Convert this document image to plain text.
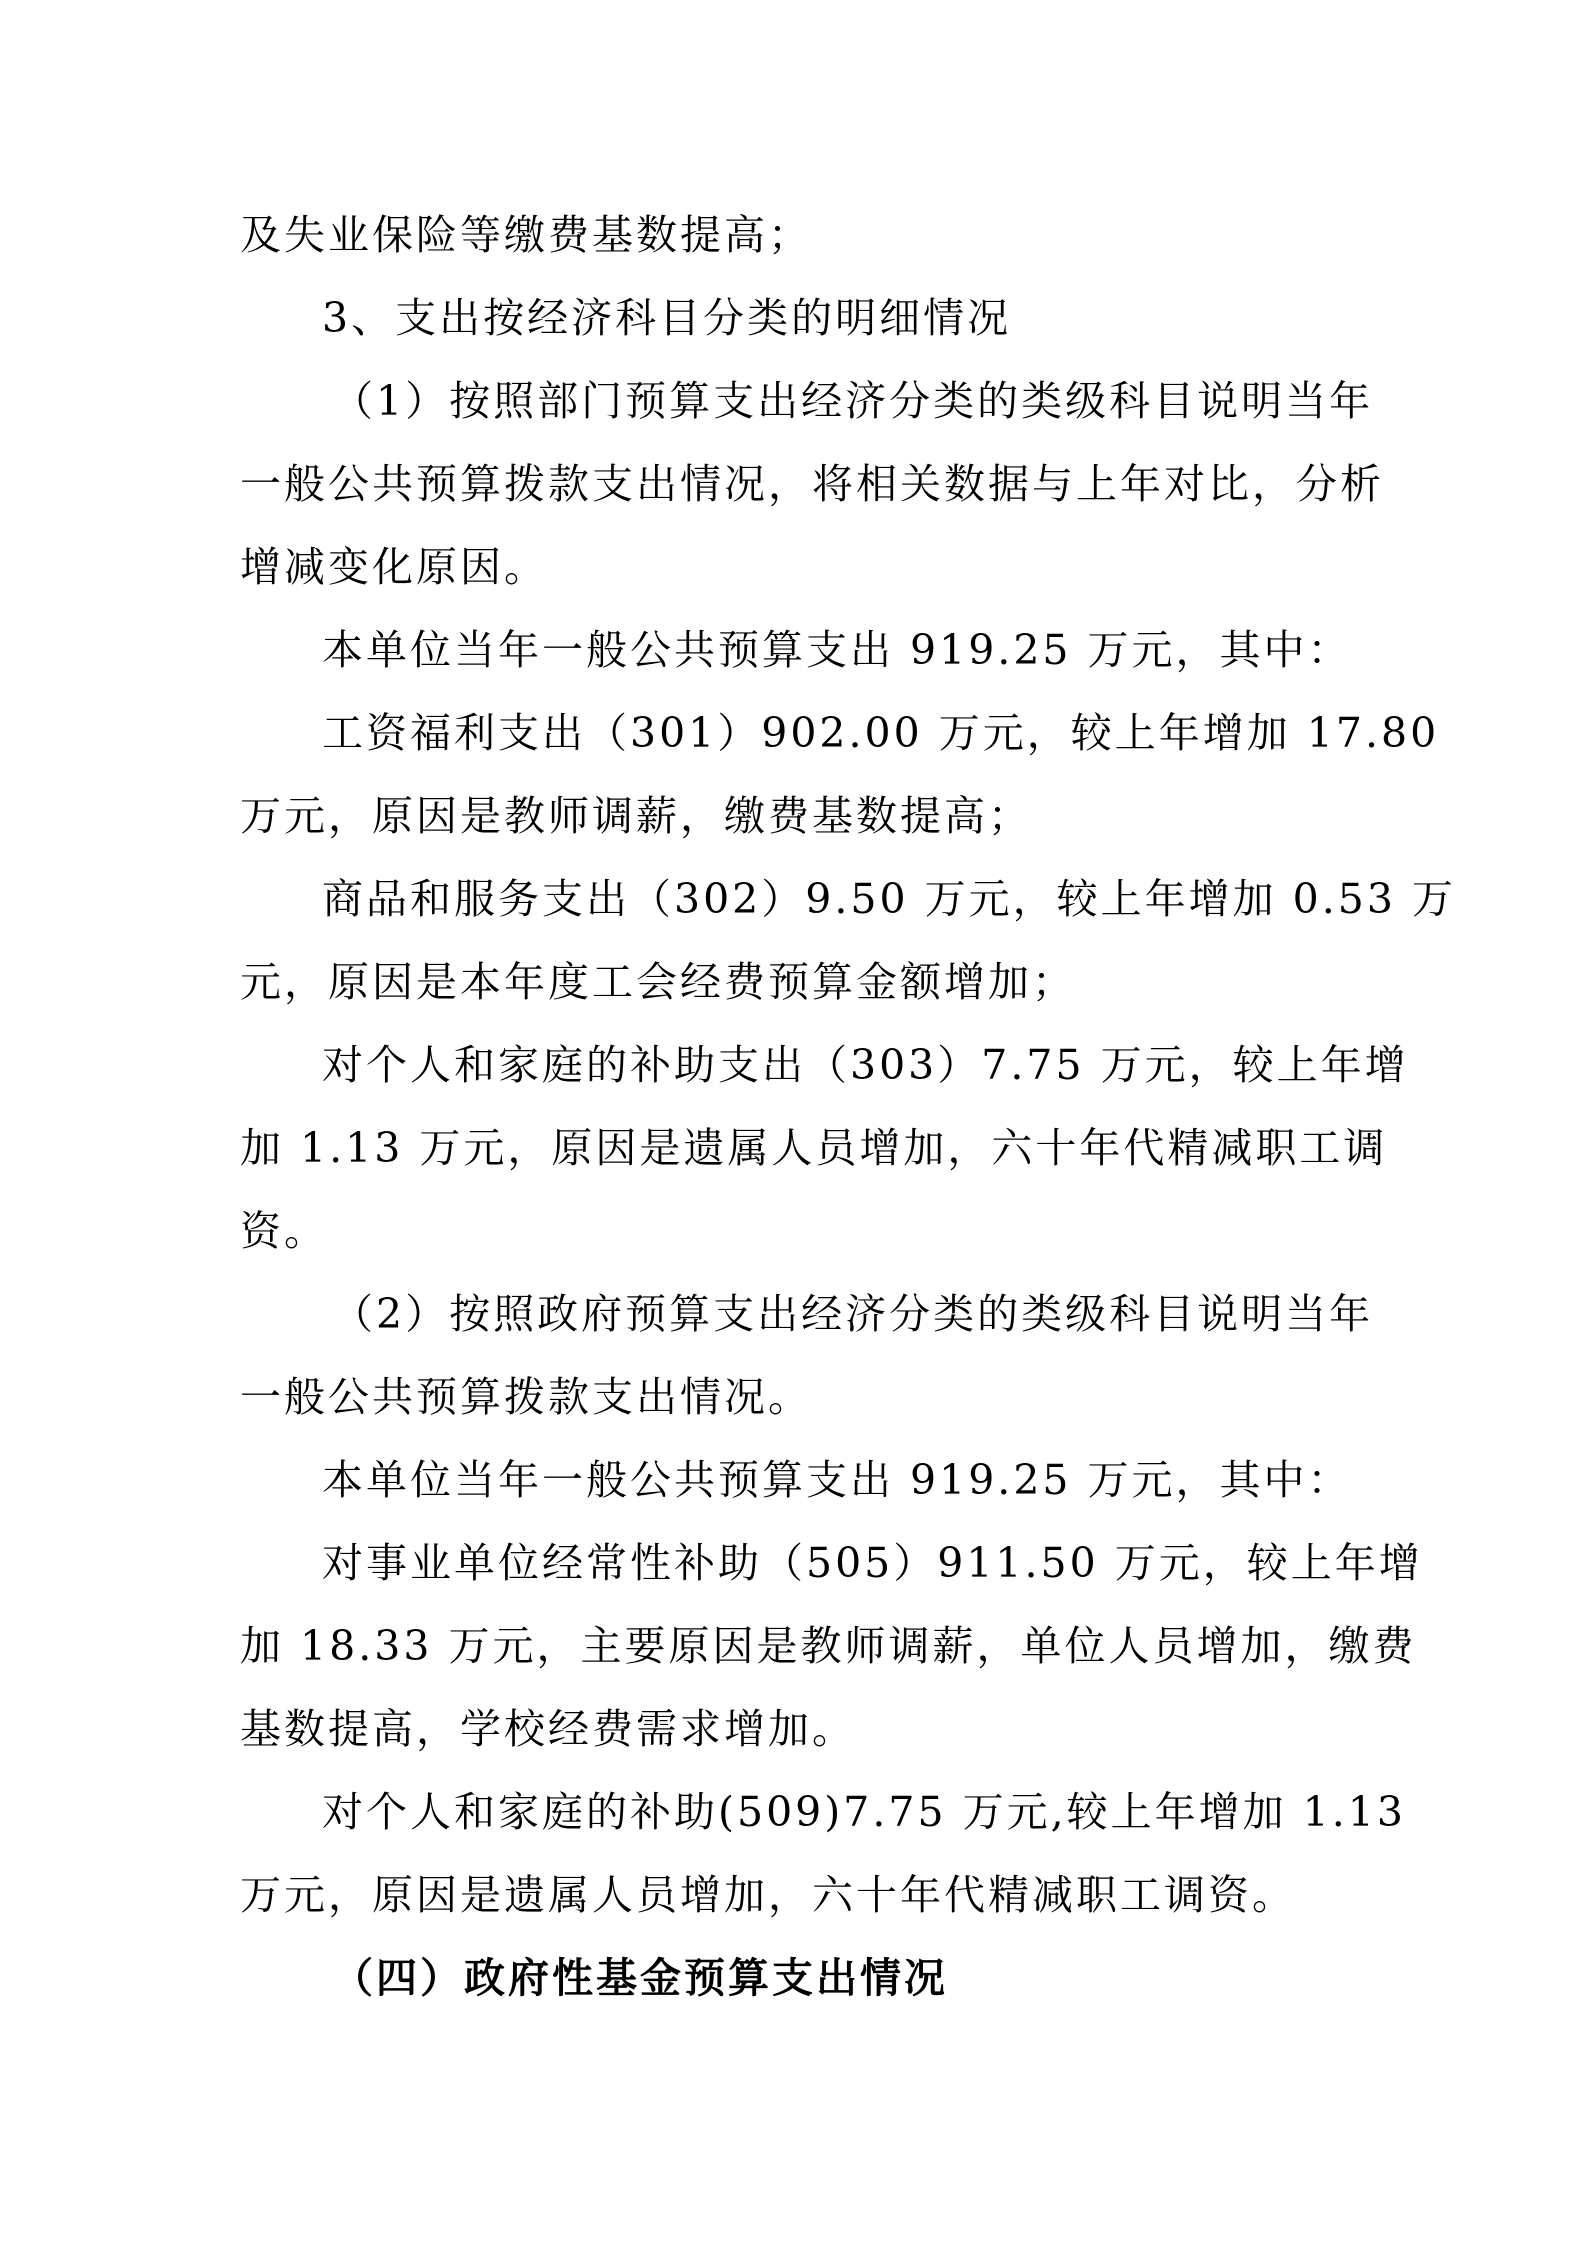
及失业保险等缴费基数提高；
3、支出按经济科目分类的明细情况
（1）按照部门预算支出经济分类的类级科目说明当年
一般公共预算拨款支出情况，将相关数据与上年对比，分析
增减变化原因。
本单位当年一般公共预算支出 919.25 万元，其中：
工资福利支出（301）902.00 万元，较上年增加 17.80
万元，原因是教师调薪，缴费基数提高；
商品和服务支出（302）9.50 万元，较上年增加 0.53 万
元，原因是本年度工会经费预算金额增加；
对个人和家庭的补助支出（303）7.75 万元，较上年增
加 1.13 万元，原因是遗属人员增加，六十年代精减职工调
资。
（2）按照政府预算支出经济分类的类级科目说明当年
一般公共预算拨款支出情况。
本单位当年一般公共预算支出 919.25 万元，其中：
对事业单位经常性补助（505）911.50 万元，较上年增
加 18.33 万元，主要原因是教师调薪，单位人员增加，缴费
基数提高，学校经费需求增加。
对个人和家庭的补助(509)7.75 万元,较上年增加 1.13
万元，原因是遗属人员增加，六十年代精减职工调资。
（四）政府性基金预算支出情况
